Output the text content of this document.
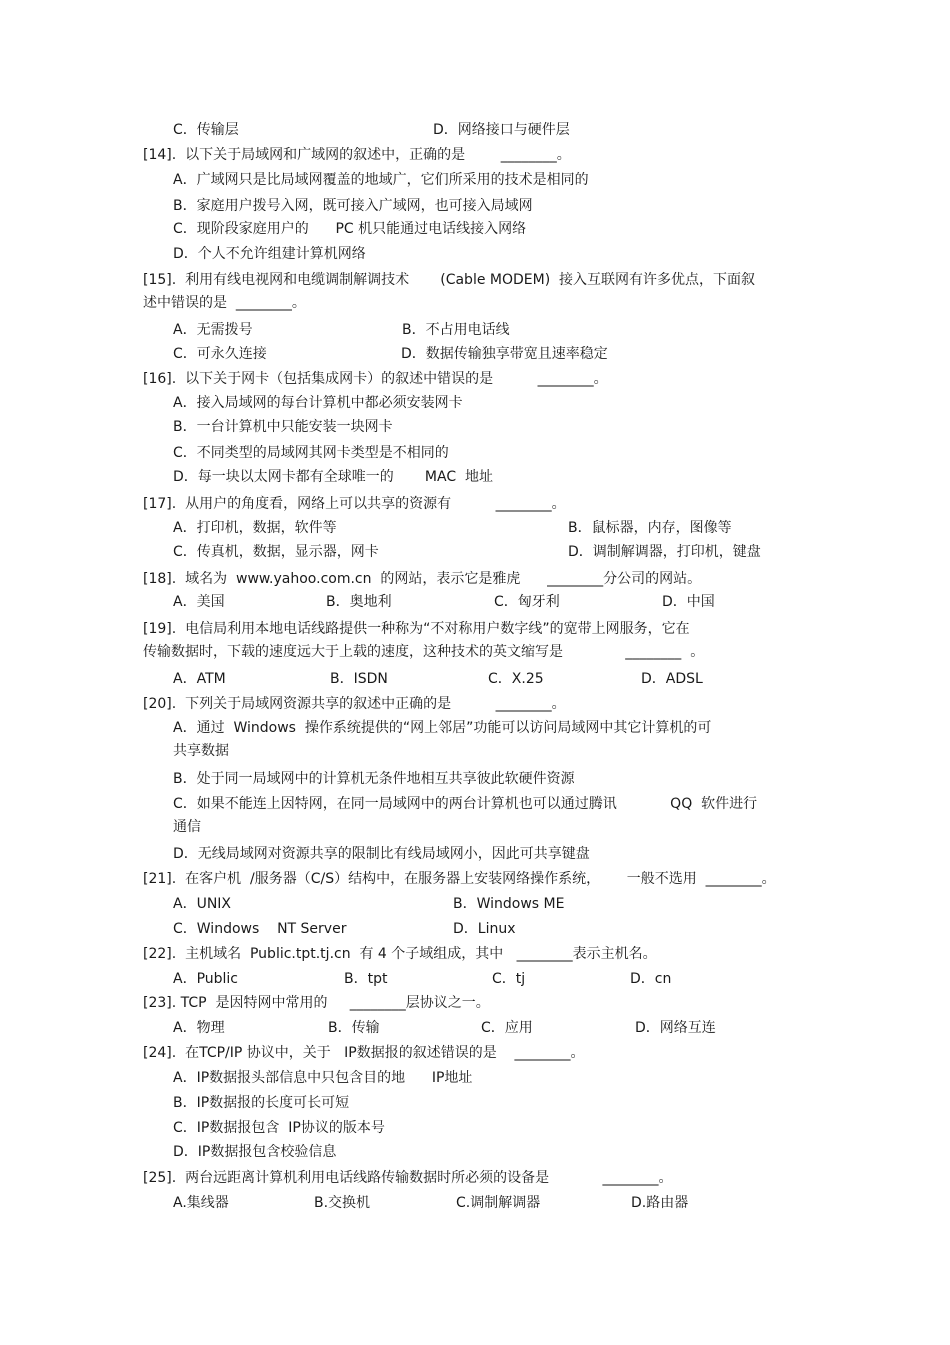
C．传输层	D．网络接口与硬件层
[14].  以下关于局域网和广域网的叙述中，正确的是        ________。
A．广域网只是比局域网覆盖的地域广，它们所采用的技术是相同的
B．家庭用户拨号入网，既可接入广域网，也可接入局域网
C．现阶段家庭用户的      PC 机只能通过电话线接入网络
D．个人不允许组建计算机网络
[15].  利用有线电视网和电缆调制解调技术       (Cable MODEM)  接入互联网有许多优点，下面叙
述中错误的是  ________。
A．无需拨号	B．不占用电话线
C．可永久连接	D．数据传输独享带宽且速率稳定
[16].  以下关于网卡（包括集成网卡）的叙述中错误的是          ________。
A．接入局域网的每台计算机中都必须安装网卡
B．一台计算机中只能安装一块网卡
C．不同类型的局域网其网卡类型是不相同的
D．每一块以太网卡都有全球唯一的       MAC  地址
[17].  从用户的角度看，网络上可以共享的资源有          ________。
A．打印机，数据，软件等	B．鼠标器，内存，图像等
C．传真机，数据，显示器，网卡	D．调制解调器，打印机，键盘
[18].  域名为  www.yahoo.com.cn  的网站，表示它是雅虎      ________分公司的网站。
A．美国	B．奥地利	C．匈牙利	D．中国
[19].  电信局利用本地电话线路提供一种称为“不对称用户数字线”的宽带上网服务，它在
传输数据时，下载的速度远大于上载的速度，这种技术的英文缩写是              ________  。
A．ATM	B．ISDN	C．X.25	D．ADSL
[20].  下列关于局域网资源共享的叙述中正确的是          ________。
A．通过  Windows  操作系统提供的“网上邻居”功能可以访问局域网中其它计算机的可
共享数据
B．处于同一局域网中的计算机无条件地相互共享彼此软硬件资源
C．如果不能连上因特网，在同一局域网中的两台计算机也可以通过腾讯            QQ  软件进行
通信
D．无线局域网对资源共享的限制比有线局域网小，因此可共享键盘
[21].  在客户机  /服务器（C/S）结构中，在服务器上安装网络操作系统，      一般不选用  ________。
A．UNIX	B．Windows ME
C．Windows    NT Server	D．Linux
[22].  主机域名  Public.tpt.tj.cn  有 4 个子域组成，其中   ________表示主机名。
A．Public	B．tpt	C．tj	D．cn
[23]. TCP  是因特网中常用的     ________层协议之一。
A．物理	B．传输	C．应用	D．网络互连
[24].  在TCP/IP 协议中，关于   IP数据报的叙述错误的是    ________。
A．IP数据报头部信息中只包含目的地      IP地址
B．IP数据报的长度可长可短
C．IP数据报包含  IP协议的版本号
D．IP数据报包含校验信息
[25].  两台远距离计算机利用电话线路传输数据时所必须的设备是            ________。
A.集线器	B.交换机	C.调制解调器	D.路由器
